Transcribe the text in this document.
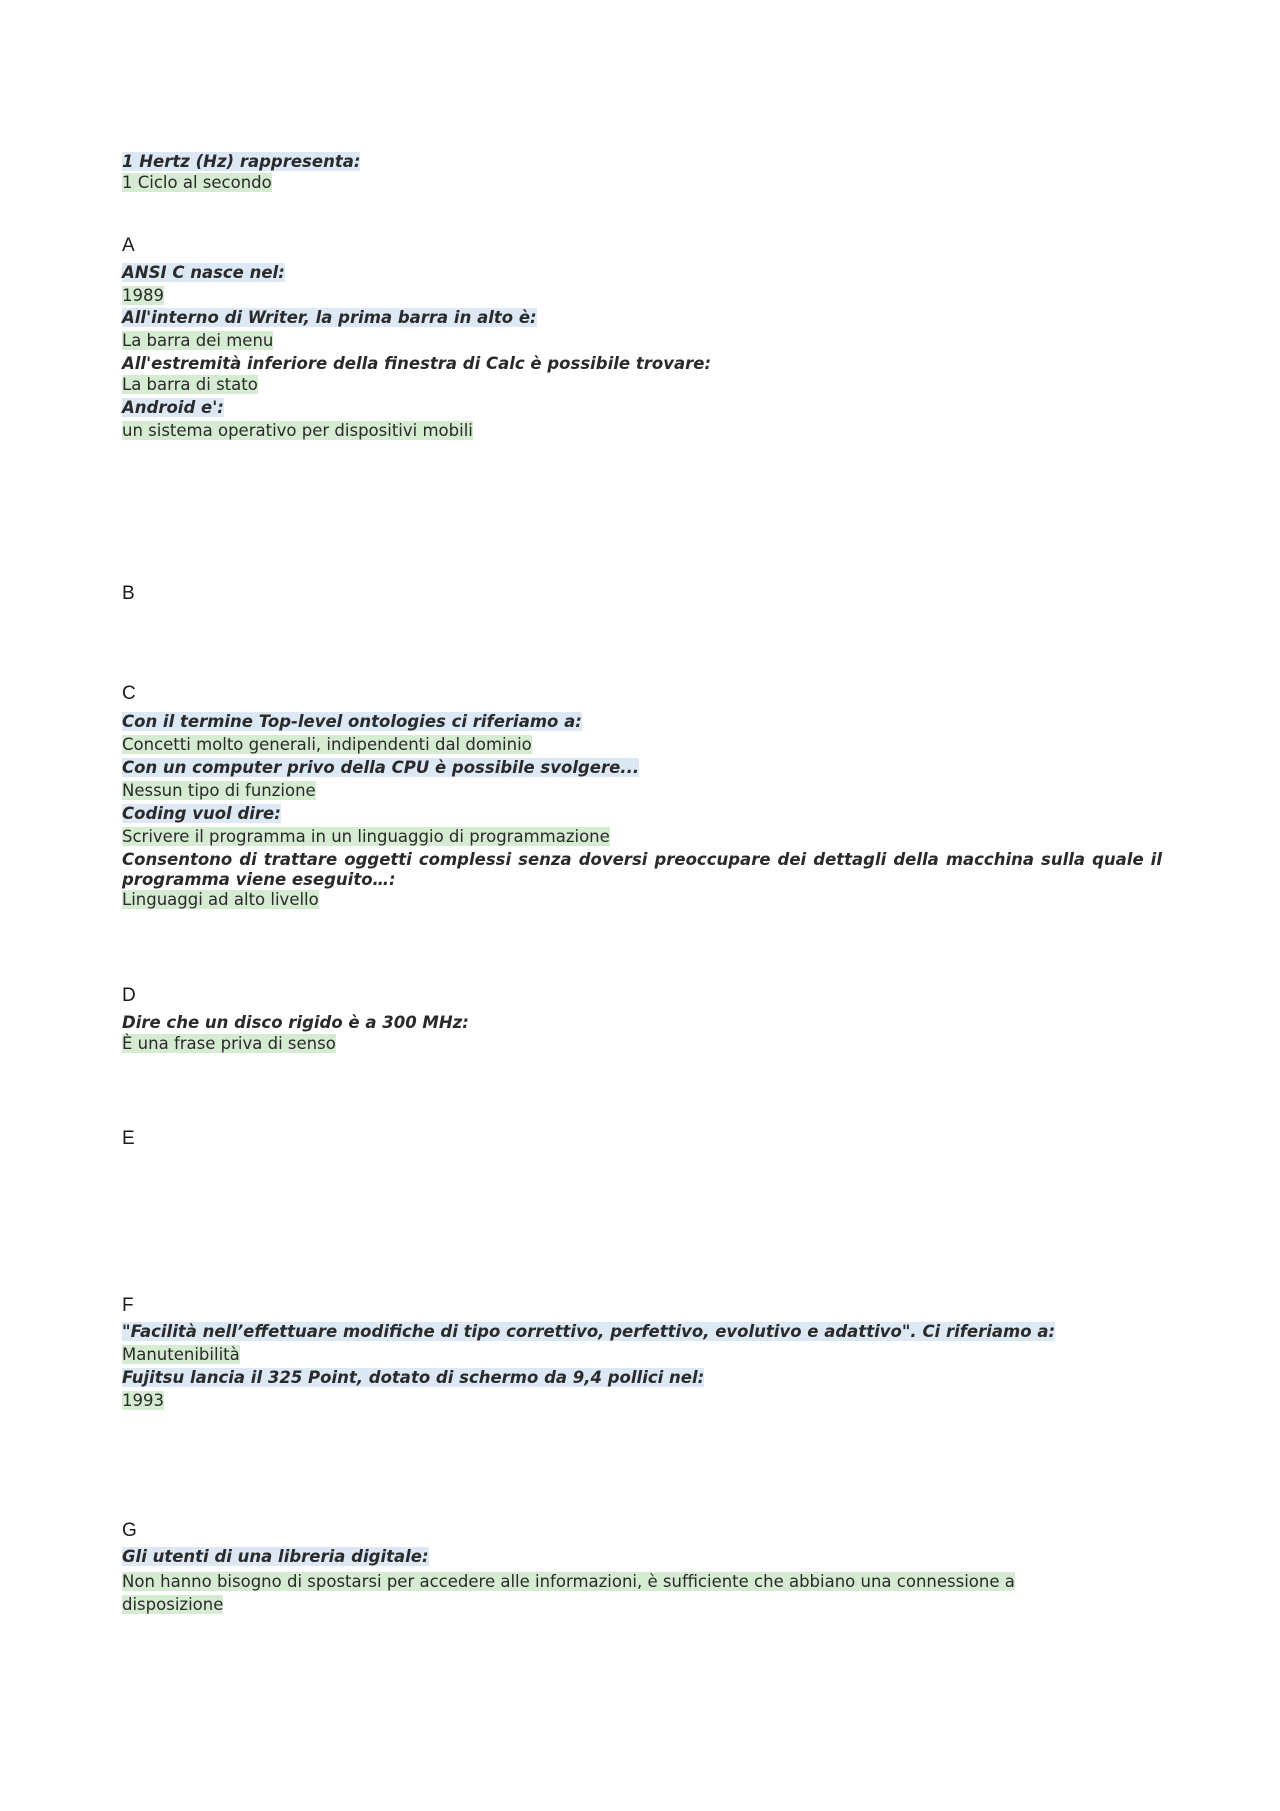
1 Hertz (Hz) rappresenta:
1 Ciclo al secondo
A
ANSI C nasce nel:
1989
All'interno di Writer, la prima barra in alto è:
La barra dei menu
All'estremità inferiore della finestra di Calc è possibile trovare:
La barra di stato
Android e':
un sistema operativo per dispositivi mobili
B
C
Con il termine Top-level ontologies ci riferiamo a:
Concetti molto generali, indipendenti dal dominio
Con un computer privo della CPU è possibile svolgere...
Nessun tipo di funzione
Coding vuol dire:
Scrivere il programma in un linguaggio di programmazione
Consentono di trattare oggetti complessi senza doversi preoccupare dei dettagli della macchina sulla quale il programma viene eseguito…:
Linguaggi ad alto livello
D
Dire che un disco rigido è a 300 MHz:
È una frase priva di senso
E
F
"Facilità nell’effettuare modifiche di tipo correttivo, perfettivo, evolutivo e adattivo". Ci riferiamo a:
Manutenibilità
Fujitsu lancia il 325 Point, dotato di schermo da 9,4 pollici nel:
1993
G
Gli utenti di una libreria digitale:
Non hanno bisogno di spostarsi per accedere alle informazioni, è sufficiente che abbiano una connessione a disposizione
